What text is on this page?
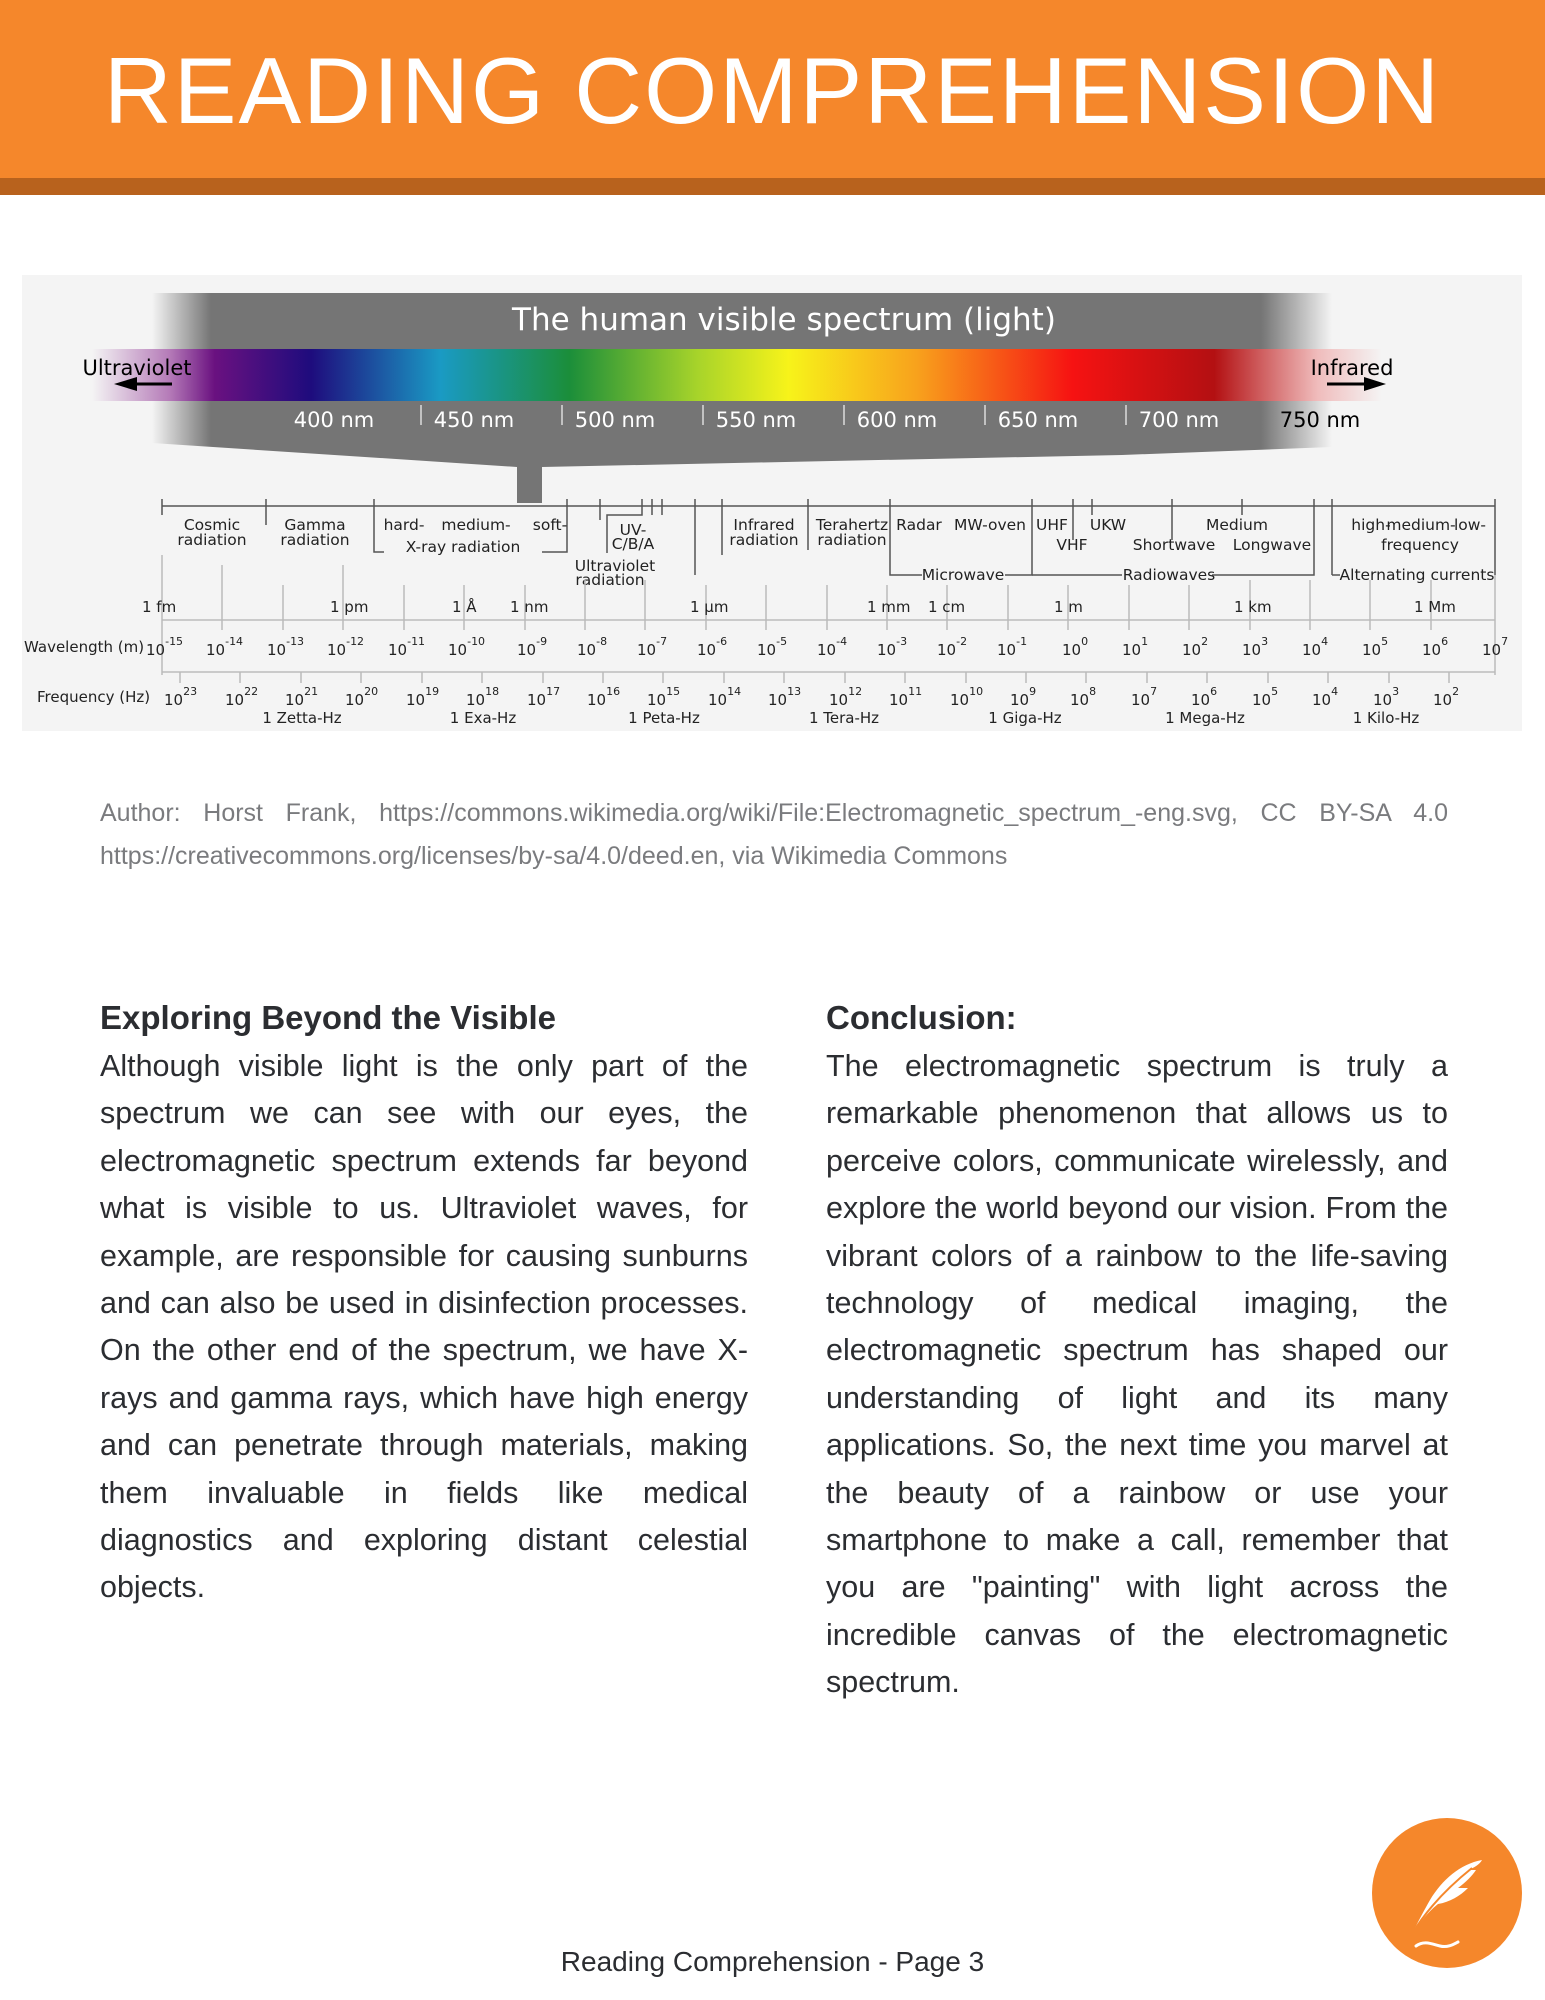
READING COMPREHENSION
The human visible spectrum (light)
Ultraviolet	Infrared
400 nm	450 nm	500 nm	550 nm	600 nm	650 nm	700 nm	750 nm
Cosmic
radiation
Gamma
radiation
hard- medium- soft-
X-ray radiation
UV-
C/B/A
Ultraviolet
radiation
Infrared
radiation
Terahertz
radiation
Radar MW-oven
Microwave
UHF
VHF
UKW	Medium
Shortwave Longwave
Radiowaves
high-
medium-
low-
frequency
Alternating currents
1 fm	1 pm	1 Å 1 nm	1 µm	1 mm 1 cm	1 m	1 km	1 Mm
Wavelength (m) $10^{-15}$ $10^{-14}$ $10^{-13}$ $10^{-12}$ $10^{-11}$ $10^{-10}$ $10^{-9}$ $10^{-8}$ $10^{-7}$ $10^{-6}$ $10^{-5}$ $10^{-4}$ $10^{-3}$ $10^{-2}$ $10^{-1}$ $10^0$ $10^1$ $10^2$ $10^3$ $10^4$ $10^5$ $10^6$ $10^7$
Frequency (Hz) $10^{23}$ $10^{22}$ $10^{21}$ $10^{20}$ $10^{19}$ $10^{18}$ $10^{17}$ $10^{16}$ $10^{15}$ $10^{14}$ $10^{13}$ $10^{12}$ $10^{11}$ $10^{10}$ $10^9$ $10^8$ $10^7$ $10^6$ $10^5$ $10^4$ $10^3$ $10^2$
1 Zetta-Hz	1 Exa-Hz	1 Peta-Hz	1 Tera-Hz	1 Giga-Hz	1 Mega-Hz	1 Kilo-Hz
Author: Horst Frank, https://commons.wikimedia.org/wiki/File:Electromagnetic_spectrum_-eng.svg, CC BY-SA 4.0 https://creativecommons.org/licenses/by-sa/4.0/deed.en, via Wikimedia Commons
Exploring Beyond the Visible

Although visible light is the only part of the spectrum we can see with our eyes, the electromagnetic spectrum extends far beyond what is visible to us. Ultraviolet waves, for example, are responsible for causing sunburns and can also be used in disinfection processes. On the other end of the spectrum, we have X-rays and gamma rays, which have high energy and can penetrate through materials, making them invaluable in fields like medical diagnostics and exploring distant celestial objects.

Conclusion:

The electromagnetic spectrum is truly a remarkable phenomenon that allows us to perceive colors, communicate wirelessly, and explore the world beyond our vision. From the vibrant colors of a rainbow to the life-saving technology of medical imaging, the electromagnetic spectrum has shaped our understanding of light and its many applications. So, the next time you marvel at the beauty of a rainbow or use your smartphone to make a call, remember that you are "painting" with light across the incredible canvas of the electromagnetic spectrum.

Reading Comprehension - Page 3
